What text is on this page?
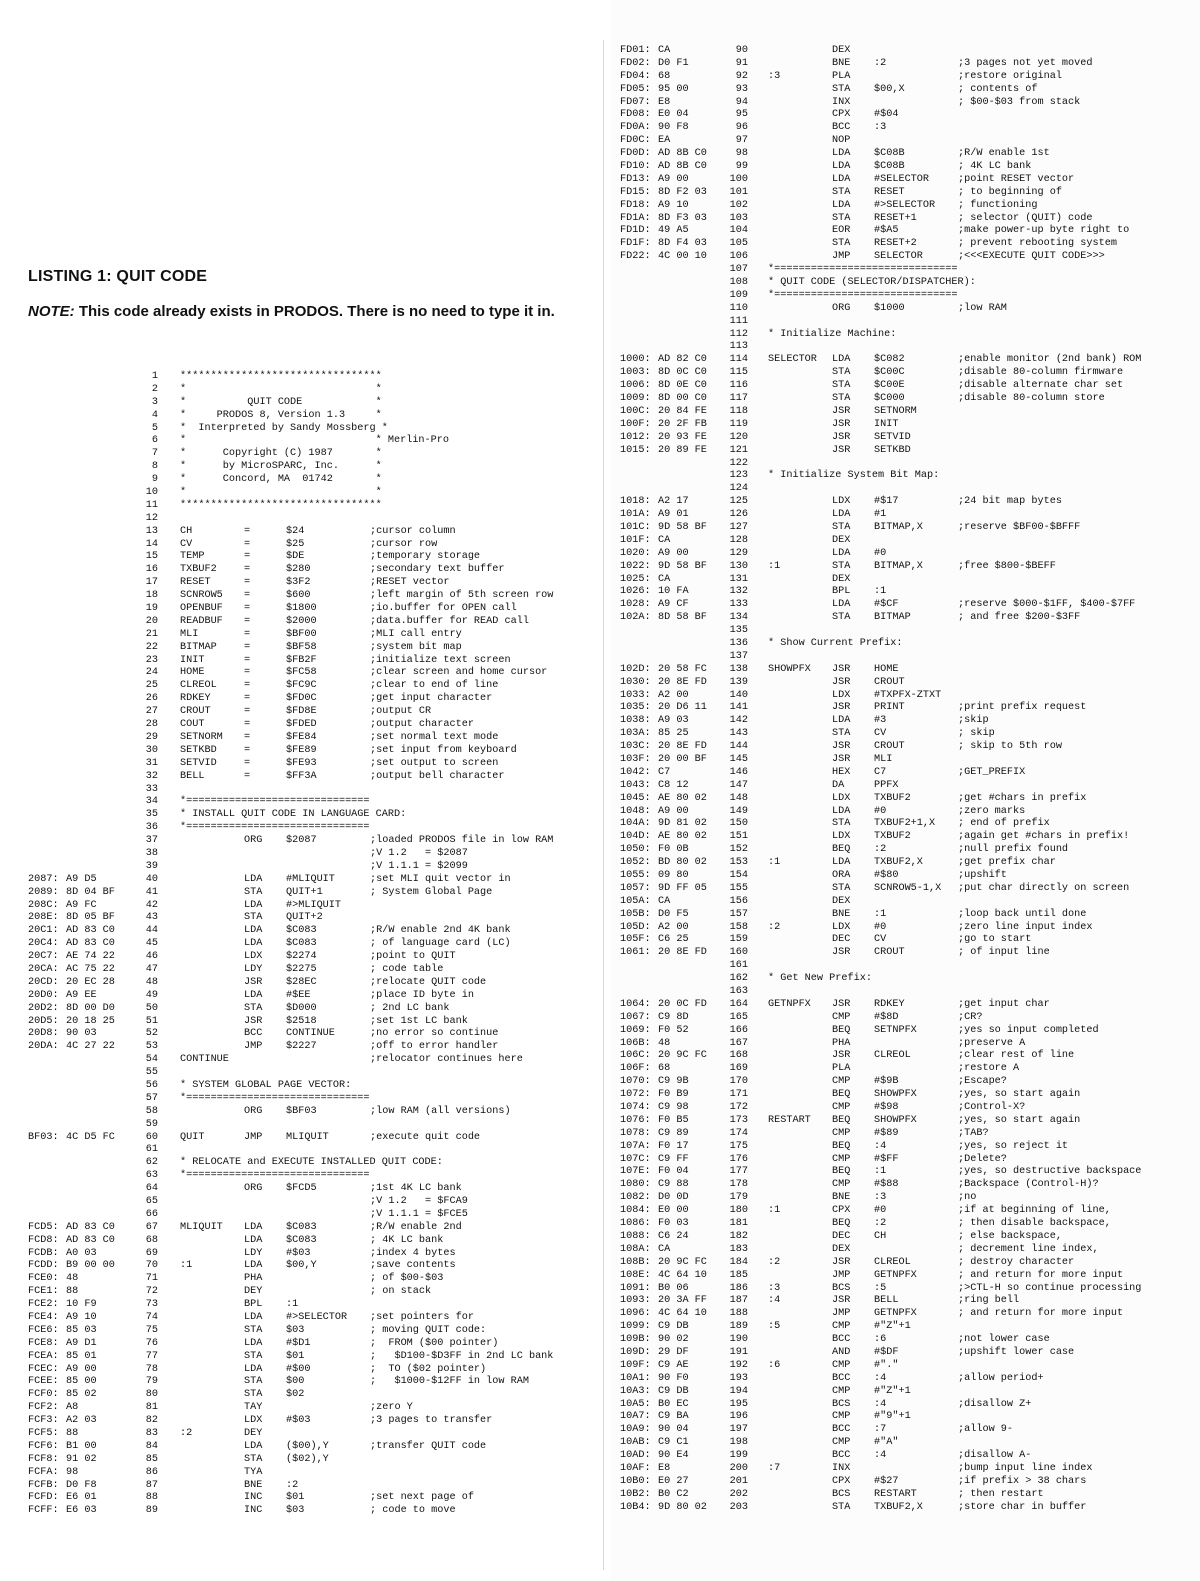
LISTING 1: QUIT CODE

NOTE: This code already exists in PRODOS. There is no need to type it in.

1 *********************************
2 *                               *
3 *          QUIT CODE            *
4 *     PRODOS 8, Version 1.3     *
5 *  Interpreted by Sandy Mossberg *
6 *                               * Merlin-Pro
7 *      Copyright (C) 1987       *
8 *      by MicroSPARC, Inc.      *
9 *      Concord, MA  01742       *
10 *                               *
11 *********************************
12
13 CH	=	$24	;cursor column
14 CV	=	$25	;cursor row
15 TEMP	=	$DE	;temporary storage
16 TXBUF2	=	$280	;secondary text buffer
17 RESET	=	$3F2	;RESET vector
18 SCNROW5 =	$600	;left margin of 5th screen row
19 OPENBUF =	$1800	;io.buffer for OPEN call
20 READBUF =	$2000	;data.buffer for READ call
21 MLI	=	$BF00	;MLI call entry
22 BITMAP	=	$BF58	;system bit map
23 INIT	=	$FB2F	;initialize text screen
24 HOME	=	$FC58	;clear screen and home cursor
25 CLREOL	=	$FC9C	;clear to end of line
26 RDKEY	=	$FD0C	;get input character
27 CROUT	=	$FD8E	;output CR
28 COUT	=	$FDED	;output character
29 SETNORM =	$FE84	;set normal text mode
30 SETKBD	=	$FE89	;set input from keyboard
31 SETVID	=	$FE93	;set output to screen
32 BELL	=	$FF3A	;output bell character
33
34 *==============================
35 * INSTALL QUIT CODE IN LANGUAGE CARD:
36 *==============================
37	ORG $2087	;loaded PRODOS file in low RAM
38	;V 1.2   = $2087
39	;V 1.1.1 = $2099
2087: A9 D5	40	LDA #MLIQUIT	;set MLI quit vector in
2089: 8D 04 BF	41	STA QUIT+1	; System Global Page
208C: A9 FC	42	LDA #>MLIQUIT
208E: 8D 05 BF	43	STA QUIT+2
20C1: AD 83 C0	44	LDA $C083	;R/W enable 2nd 4K bank
20C4: AD 83 C0	45	LDA $C083	; of language card (LC)
20C7: AE 74 22	46	LDX $2274	;point to QUIT
20CA: AC 75 22	47	LDY $2275	; code table
20CD: 20 EC 28	48	JSR $28EC	;relocate QUIT code
20D0: A9 EE	49	LDA #$EE	;place ID byte in
20D2: 8D 00 D0	50	STA $D000	; 2nd LC bank
20D5: 20 18 25	51	JSR $2518	;set 1st LC bank
20D8: 90 03	52	BCC CONTINUE	;no error so continue
20DA: 4C 27 22	53	JMP $2227	;off to error handler
54 CONTINUE	;relocator continues here
55
56 * SYSTEM GLOBAL PAGE VECTOR:
57 *==============================
58	ORG $BF03	;low RAM (all versions)
59
BF03: 4C D5 FC	60 QUIT	JMP MLIQUIT	;execute quit code
61
62 * RELOCATE and EXECUTE INSTALLED QUIT CODE:
63 *==============================
64	ORG $FCD5	;1st 4K LC bank
65	;V 1.2   = $FCA9
66	;V 1.1.1 = $FCE5
FCD5: AD 83 C0	67 MLIQUIT LDA $C083	;R/W enable 2nd
FCD8: AD 83 C0	68	LDA $C083	; 4K LC bank
FCDB: A0 03	69	LDY #$03	;index 4 bytes
FCDD: B9 00 00	70 :1	LDA $00,Y	;save contents
FCE0: 48	71	PHA	; of $00-$03
FCE1: 88	72	DEY	; on stack
FCE2: 10 F9	73	BPL :1
FCE4: A9 10	74	LDA #>SELECTOR ;set pointers for
FCE6: 85 03	75	STA $03	; moving QUIT code:
FCE8: A9 D1	76	LDA #$D1	;  FROM ($00 pointer)
FCEA: 85 01	77	STA $01	;   $D100-$D3FF in 2nd LC bank
FCEC: A9 00	78	LDA #$00	;  TO ($02 pointer)
FCEE: 85 00	79	STA $00	;   $1000-$12FF in low RAM
FCF0: 85 02	80	STA $02
FCF2: A8	81	TAY	;zero Y
FCF3: A2 03	82	LDX #$03	;3 pages to transfer
FCF5: 88	83 :2	DEY
FCF6: B1 00	84	LDA ($00),Y	;transfer QUIT code
FCF8: 91 02	85	STA ($02),Y
FCFA: 98	86	TYA
FCFB: D0 F8	87	BNE :2
FCFD: E6 01	88	INC $01	;set next page of
FCFF: E6 03	89	INC $03	; code to move
FD01: CA	90	DEX
FD02: D0 F1	91	BNE :2	;3 pages not yet moved
FD04: 68	92 :3	PLA	;restore original
FD05: 95 00	93	STA $00,X	; contents of
FD07: E8	94	INX	; $00-$03 from stack
FD08: E0 04	95	CPX #$04
FD0A: 90 F8	96	BCC :3
FD0C: EA	97	NOP
FD0D: AD 8B C0	98	LDA $C08B	;R/W enable 1st
FD10: AD 8B C0	99	LDA $C08B	; 4K LC bank
FD13: A9 00	100	LDA #SELECTOR	;point RESET vector
FD15: 8D F2 03	101	STA RESET	; to beginning of
FD18: A9 10	102	LDA #>SELECTOR ; functioning
FD1A: 8D F3 03	103	STA RESET+1	; selector (QUIT) code
FD1D: 49 A5	104	EOR #$A5	;make power-up byte right to
FD1F: 8D F4 03	105	STA RESET+2	; prevent rebooting system
FD22: 4C 00 10	106	JMP SELECTOR	;<<<EXECUTE QUIT CODE>>>
107 *==============================
108 * QUIT CODE (SELECTOR/DISPATCHER):
109 *==============================
110	ORG $1000	;low RAM
111
112 * Initialize Machine:
113
1000: AD 82 C0	114 SELECTOR LDA $C082	;enable monitor (2nd bank) ROM
1003: 8D 0C C0	115	STA $C00C	;disable 80-column firmware
1006: 8D 0E C0	116	STA $C00E	;disable alternate char set
1009: 8D 00 C0	117	STA $C000	;disable 80-column store
100C: 20 84 FE	118	JSR SETNORM
100F: 20 2F FB	119	JSR INIT
1012: 20 93 FE	120	JSR SETVID
1015: 20 89 FE	121	JSR SETKBD
122
123 * Initialize System Bit Map:
124
1018: A2 17	125	LDX #$17	;24 bit map bytes
101A: A9 01	126	LDA #1
101C: 9D 58 BF	127	STA BITMAP,X	;reserve $BF00-$BFFF
101F: CA	128	DEX
1020: A9 00	129	LDA #0
1022: 9D 58 BF	130 :1	STA BITMAP,X	;free $800-$BEFF
1025: CA	131	DEX
1026: 10 FA	132	BPL :1
1028: A9 CF	133	LDA #$CF	;reserve $000-$1FF, $400-$7FF
102A: 8D 58 BF	134	STA BITMAP	; and free $200-$3FF
135
136 * Show Current Prefix:
137
102D: 20 58 FC	138 SHOWPFX JSR HOME
1030: 20 8E FD	139	JSR CROUT
1033: A2 00	140	LDX #TXPFX-ZTXT
1035: 20 D6 11	141	JSR PRINT	;print prefix request
1038: A9 03	142	LDA #3	;skip
103A: 85 25	143	STA CV	; skip
103C: 20 8E FD	144	JSR CROUT	; skip to 5th row
103F: 20 00 BF	145	JSR MLI
1042: C7	146	HEX C7	;GET_PREFIX
1043: C8 12	147	DA	PPFX
1045: AE 80 02	148	LDX TXBUF2	;get #chars in prefix
1048: A9 00	149	LDA #0	;zero marks
104A: 9D 81 02	150	STA TXBUF2+1,X ; end of prefix
104D: AE 80 02	151	LDX TXBUF2	;again get #chars in prefix!
1050: F0 0B	152	BEQ :2	;null prefix found
1052: BD 80 02	153 :1	LDA TXBUF2,X	;get prefix char
1055: 09 80	154	ORA #$80	;upshift
1057: 9D FF 05	155	STA SCNROW5-1,X ;put char directly on screen
105A: CA	156	DEX
105B: D0 F5	157	BNE :1	;loop back until done
105D: A2 00	158 :2	LDX #0	;zero line input index
105F: C6 25	159	DEC CV	;go to start
1061: 20 8E FD	160	JSR CROUT	; of input line
161
162 * Get New Prefix:
163
1064: 20 0C FD	164 GETNPFX JSR RDKEY	;get input char
1067: C9 8D	165	CMP #$8D	;CR?
1069: F0 52	166	BEQ SETNPFX	;yes so input completed
106B: 48	167	PHA	;preserve A
106C: 20 9C FC	168	JSR CLREOL	;clear rest of line
106F: 68	169	PLA	;restore A
1070: C9 9B	170	CMP #$9B	;Escape?
1072: F0 B9	171	BEQ SHOWPFX	;yes, so start again
1074: C9 98	172	CMP #$98	;Control-X?
1076: F0 B5	173 RESTART BEQ SHOWPFX	;yes, so start again
1078: C9 89	174	CMP #$89	;TAB?
107A: F0 17	175	BEQ :4	;yes, so reject it
107C: C9 FF	176	CMP #$FF	;Delete?
107E: F0 04	177	BEQ :1	;yes, so destructive backspace
1080: C9 88	178	CMP #$88	;Backspace (Control-H)?
1082: D0 0D	179	BNE :3	;no
1084: E0 00	180 :1	CPX #0	;if at beginning of line,
1086: F0 03	181	BEQ :2	; then disable backspace,
1088: C6 24	182	DEC CH	; else backspace,
108A: CA	183	DEX	; decrement line index,
108B: 20 9C FC	184 :2	JSR CLREOL	; destroy character
108E: 4C 64 10	185	JMP GETNPFX	; and return for more input
1091: B0 06	186 :3	BCS :5	;>CTL-H so continue processing
1093: 20 3A FF	187 :4	JSR BELL	;ring bell
1096: 4C 64 10	188	JMP GETNPFX	; and return for more input
1099: C9 DB	189 :5	CMP #"Z"+1
109B: 90 02	190	BCC :6	;not lower case
109D: 29 DF	191	AND #$DF	;upshift lower case
109F: C9 AE	192 :6	CMP #"."
10A1: 90 F0	193	BCC :4	;allow period+
10A3: C9 DB	194	CMP #"Z"+1
10A5: B0 EC	195	BCS :4	;disallow Z+
10A7: C9 BA	196	CMP #"9"+1
10A9: 90 04	197	BCC :7	;allow 9-
10AB: C9 C1	198	CMP #"A"
10AD: 90 E4	199	BCC :4	;disallow A-
10AF: E8	200 :7	INX	;bump input line index
10B0: E0 27	201	CPX #$27	;if prefix > 38 chars
10B2: B0 C2	202	BCS RESTART	; then restart
10B4: 9D 80 02	203	STA TXBUF2,X	;store char in buffer
